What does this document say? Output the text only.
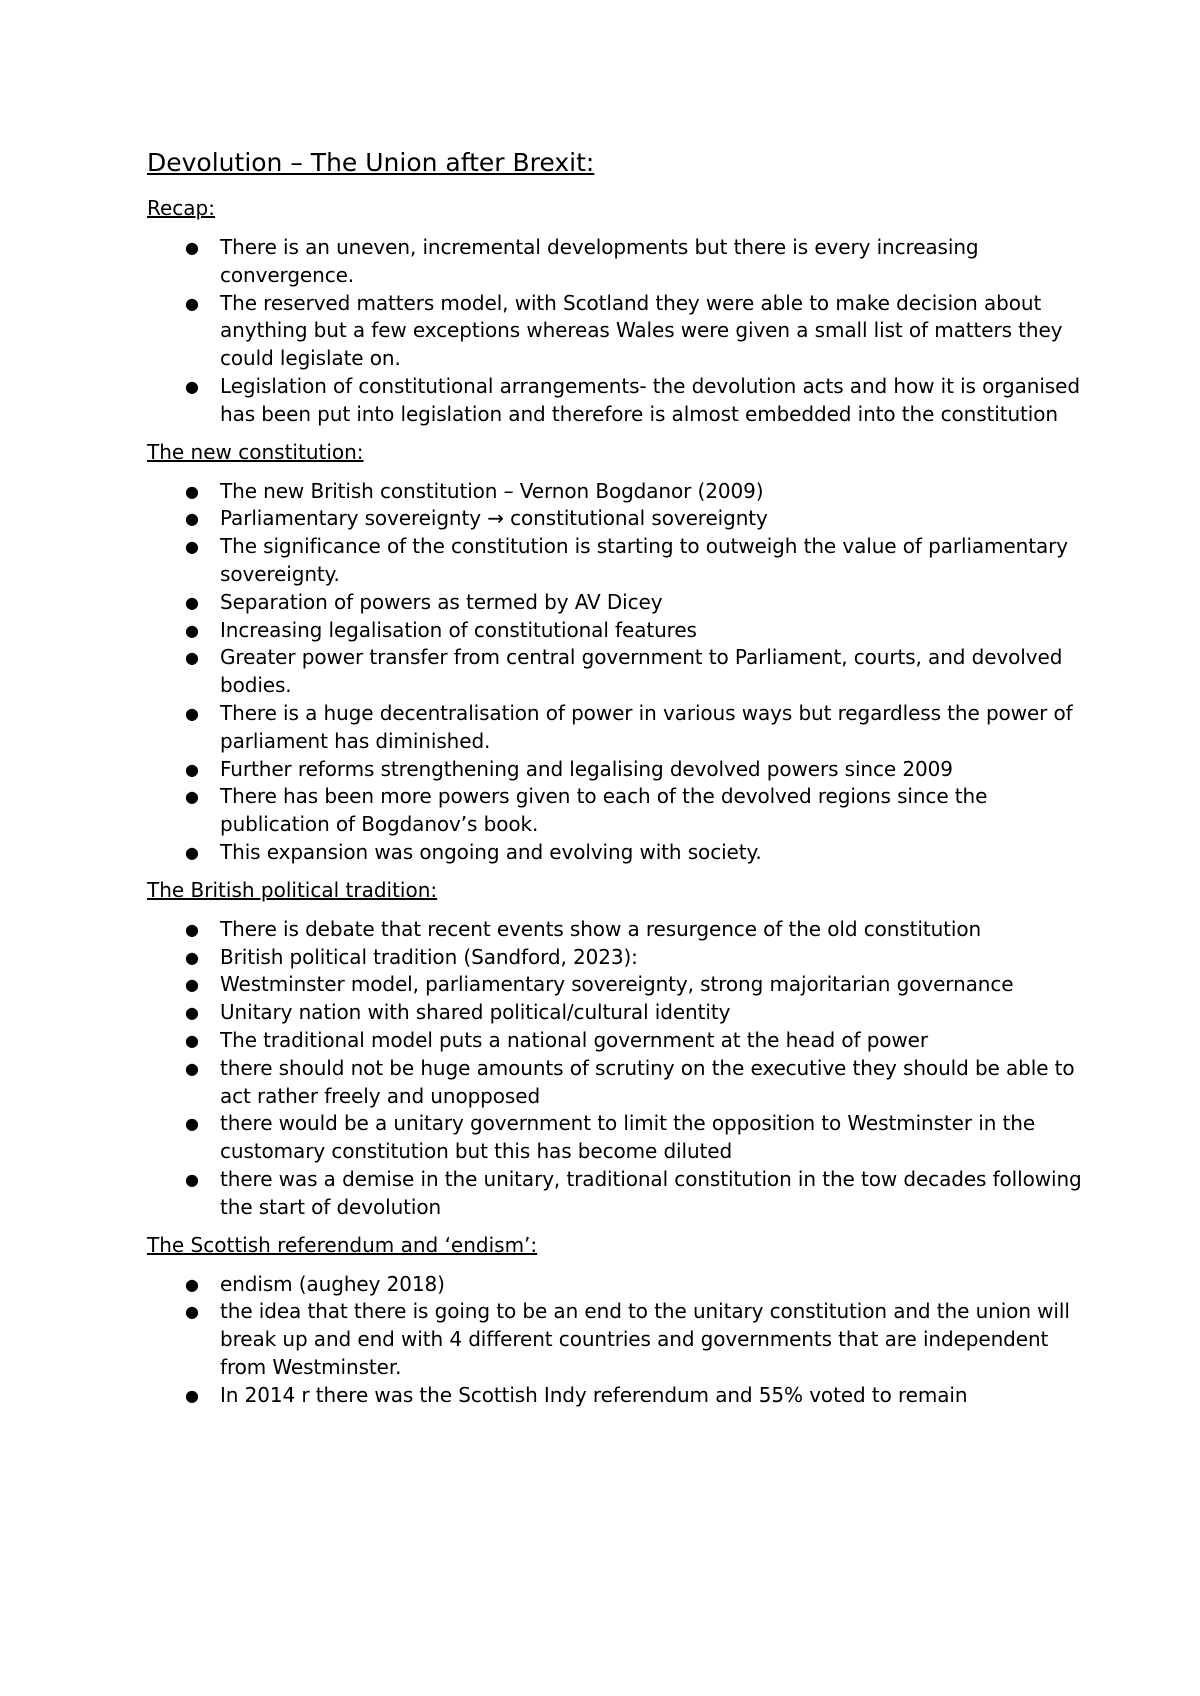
Devolution – The Union after Brexit:
Recap:
● There is an uneven, incremental developments but there is every increasing convergence.
● The reserved matters model, with Scotland they were able to make decision about anything but a few exceptions whereas Wales were given a small list of matters they could legislate on.
● Legislation of constitutional arrangements- the devolution acts and how it is organised has been put into legislation and therefore is almost embedded into the constitution
The new constitution:
● The new British constitution – Vernon Bogdanor (2009)
● Parliamentary sovereignty → constitutional sovereignty
● The significance of the constitution is starting to outweigh the value of parliamentary sovereignty.
● Separation of powers as termed by AV Dicey
● Increasing legalisation of constitutional features
● Greater power transfer from central government to Parliament, courts, and devolved bodies.
● There is a huge decentralisation of power in various ways but regardless the power of parliament has diminished.
● Further reforms strengthening and legalising devolved powers since 2009
● There has been more powers given to each of the devolved regions since the publication of Bogdanov’s book.
● This expansion was ongoing and evolving with society.
The British political tradition:
● There is debate that recent events show a resurgence of the old constitution
● British political tradition (Sandford, 2023):
● Westminster model, parliamentary sovereignty, strong majoritarian governance
● Unitary nation with shared political/cultural identity
● The traditional model puts a national government at the head of power
● there should not be huge amounts of scrutiny on the executive they should be able to act rather freely and unopposed
● there would be a unitary government to limit the opposition to Westminster in the customary constitution but this has become diluted
● there was a demise in the unitary, traditional constitution in the tow decades following the start of devolution
The Scottish referendum and ‘endism’:
● endism (aughey 2018)
● the idea that there is going to be an end to the unitary constitution and the union will break up and end with 4 different countries and governments that are independent from Westminster.
● In 2014 r there was the Scottish Indy referendum and 55% voted to remain
